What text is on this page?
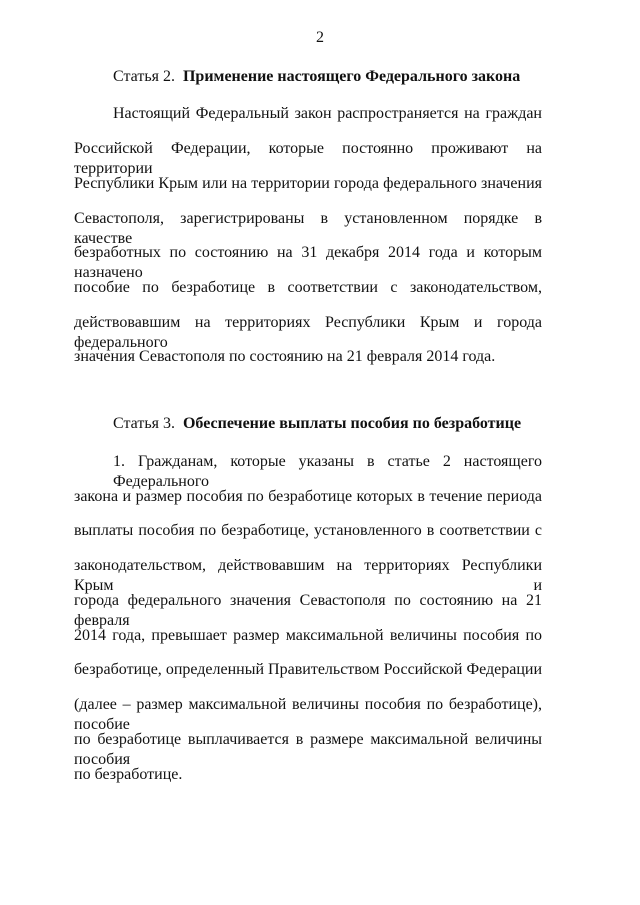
2
Статья 2. Применение настоящего Федерального закона
Настоящий Федеральный закон распространяется на граждан
Российской Федерации, которые постоянно проживают на территории
Республики Крым или на территории города федерального значения
Севастополя, зарегистрированы в установленном порядке в качестве
безработных по состоянию на 31 декабря 2014 года и которым назначено
пособие по безработице в соответствии с законодательством,
действовавшим на территориях Республики Крым и города федерального
значения Севастополя по состоянию на 21 февраля 2014 года.
Статья 3. Обеспечение выплаты пособия по безработице
1. Гражданам, которые указаны в статье 2 настоящего Федерального
закона и размер пособия по безработице которых в течение периода
выплаты пособия по безработице, установленного в соответствии с
законодательством, действовавшим на территориях Республики Крым и
города федерального значения Севастополя по состоянию на 21 февраля
2014 года, превышает размер максимальной величины пособия по
безработице, определенный Правительством Российской Федерации
(далее – размер максимальной величины пособия по безработице), пособие
по безработице выплачивается в размере максимальной величины пособия
по безработице.
